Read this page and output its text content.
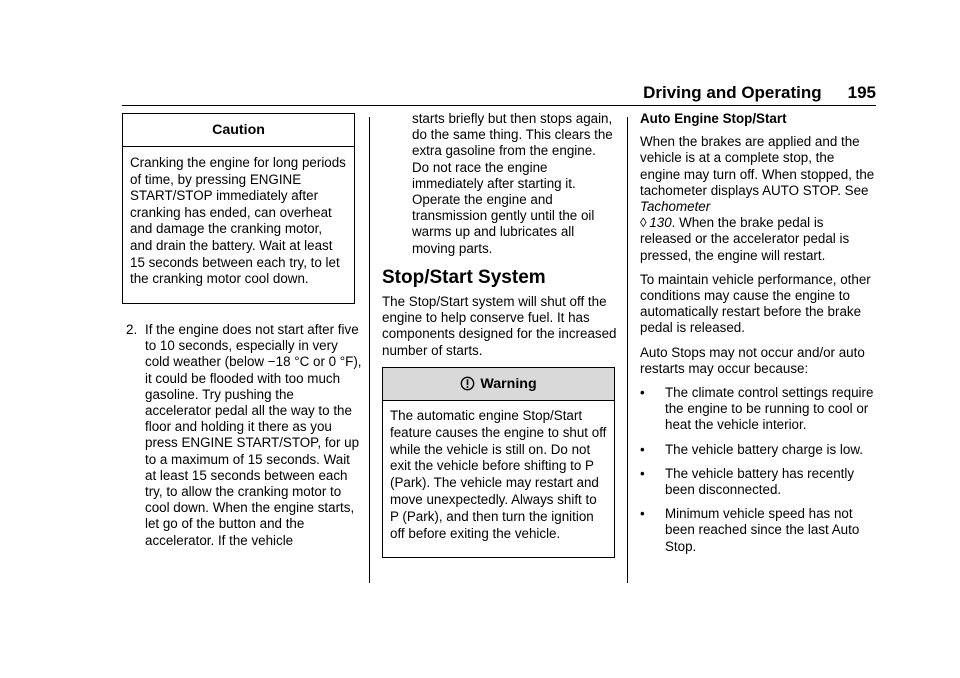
Driving and Operating 195
Caution
Cranking the engine for long periods of time, by pressing ENGINE START/STOP immediately after cranking has ended, can overheat and damage the cranking motor, and drain the battery. Wait at least 15 seconds between each try, to let the cranking motor cool down.
2. If the engine does not start after five to 10 seconds, especially in very cold weather (below −18 °C or 0 °F), it could be flooded with too much gasoline. Try pushing the accelerator pedal all the way to the floor and holding it there as you press ENGINE START/STOP, for up to a maximum of 15 seconds. Wait at least 15 seconds between each try, to allow the cranking motor to cool down. When the engine starts, let go of the button and the accelerator. If the vehicle

starts briefly but then stops again, do the same thing. This clears the extra gasoline from the engine. Do not race the engine immediately after starting it. Operate the engine and transmission gently until the oil warms up and lubricates all moving parts.

Stop/Start System

The Stop/Start system will shut off the engine to help conserve fuel. It has components designed for the increased number of starts.

Warning
The automatic engine Stop/Start feature causes the engine to shut off while the vehicle is still on. Do not exit the vehicle before shifting to P (Park). The vehicle may restart and move unexpectedly. Always shift to P (Park), and then turn the ignition off before exiting the vehicle.

Auto Engine Stop/Start

When the brakes are applied and the vehicle is at a complete stop, the engine may turn off. When stopped, the tachometer displays AUTO STOP. See Tachometer
◊  130. When the brake pedal is released or the accelerator pedal is pressed, the engine will restart.

To maintain vehicle performance, other conditions may cause the engine to automatically restart before the brake pedal is released.

Auto Stops may not occur and/or auto restarts may occur because:

• The climate control settings require the engine to be running to cool or heat the vehicle interior.
• The vehicle battery charge is low.
• The vehicle battery has recently been disconnected.
• Minimum vehicle speed has not been reached since the last Auto Stop.
